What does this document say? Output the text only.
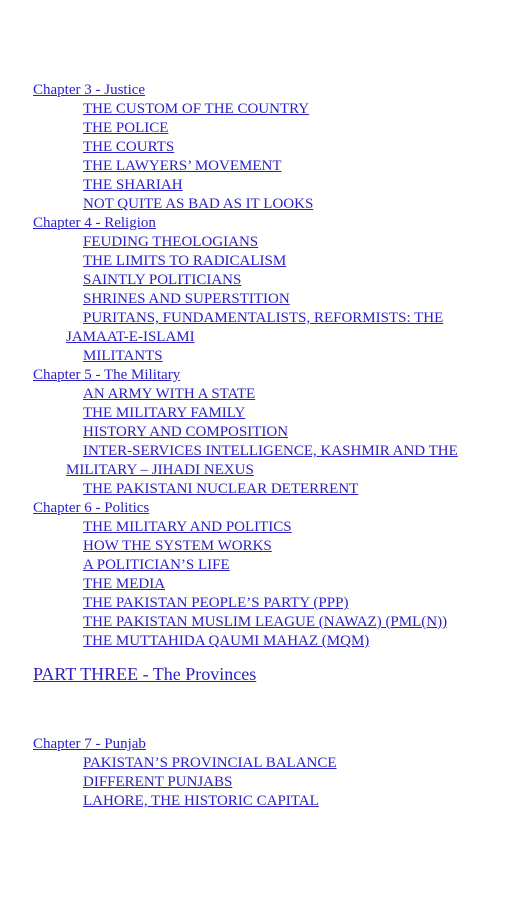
Chapter 3 - Justice
THE CUSTOM OF THE COUNTRY
THE POLICE
THE COURTS
THE LAWYERS’ MOVEMENT
THE SHARIAH
NOT QUITE AS BAD AS IT LOOKS
Chapter 4 - Religion
FEUDING THEOLOGIANS
THE LIMITS TO RADICALISM
SAINTLY POLITICIANS
SHRINES AND SUPERSTITION
PURITANS, FUNDAMENTALISTS, REFORMISTS: THE JAMAAT-E-ISLAMI
MILITANTS
Chapter 5 - The Military
AN ARMY WITH A STATE
THE MILITARY FAMILY
HISTORY AND COMPOSITION
INTER-SERVICES INTELLIGENCE, KASHMIR AND THE MILITARY – JIHADI NEXUS
THE PAKISTANI NUCLEAR DETERRENT
Chapter 6 - Politics
THE MILITARY AND POLITICS
HOW THE SYSTEM WORKS
A POLITICIAN’S LIFE
THE MEDIA
THE PAKISTAN PEOPLE’S PARTY (PPP)
THE PAKISTAN MUSLIM LEAGUE (NAWAZ) (PML(N))
THE MUTTAHIDA QAUMI MAHAZ (MQM)
PART THREE - The Provinces
Chapter 7 - Punjab
PAKISTAN’S PROVINCIAL BALANCE
DIFFERENT PUNJABS
LAHORE, THE HISTORIC CAPITAL
